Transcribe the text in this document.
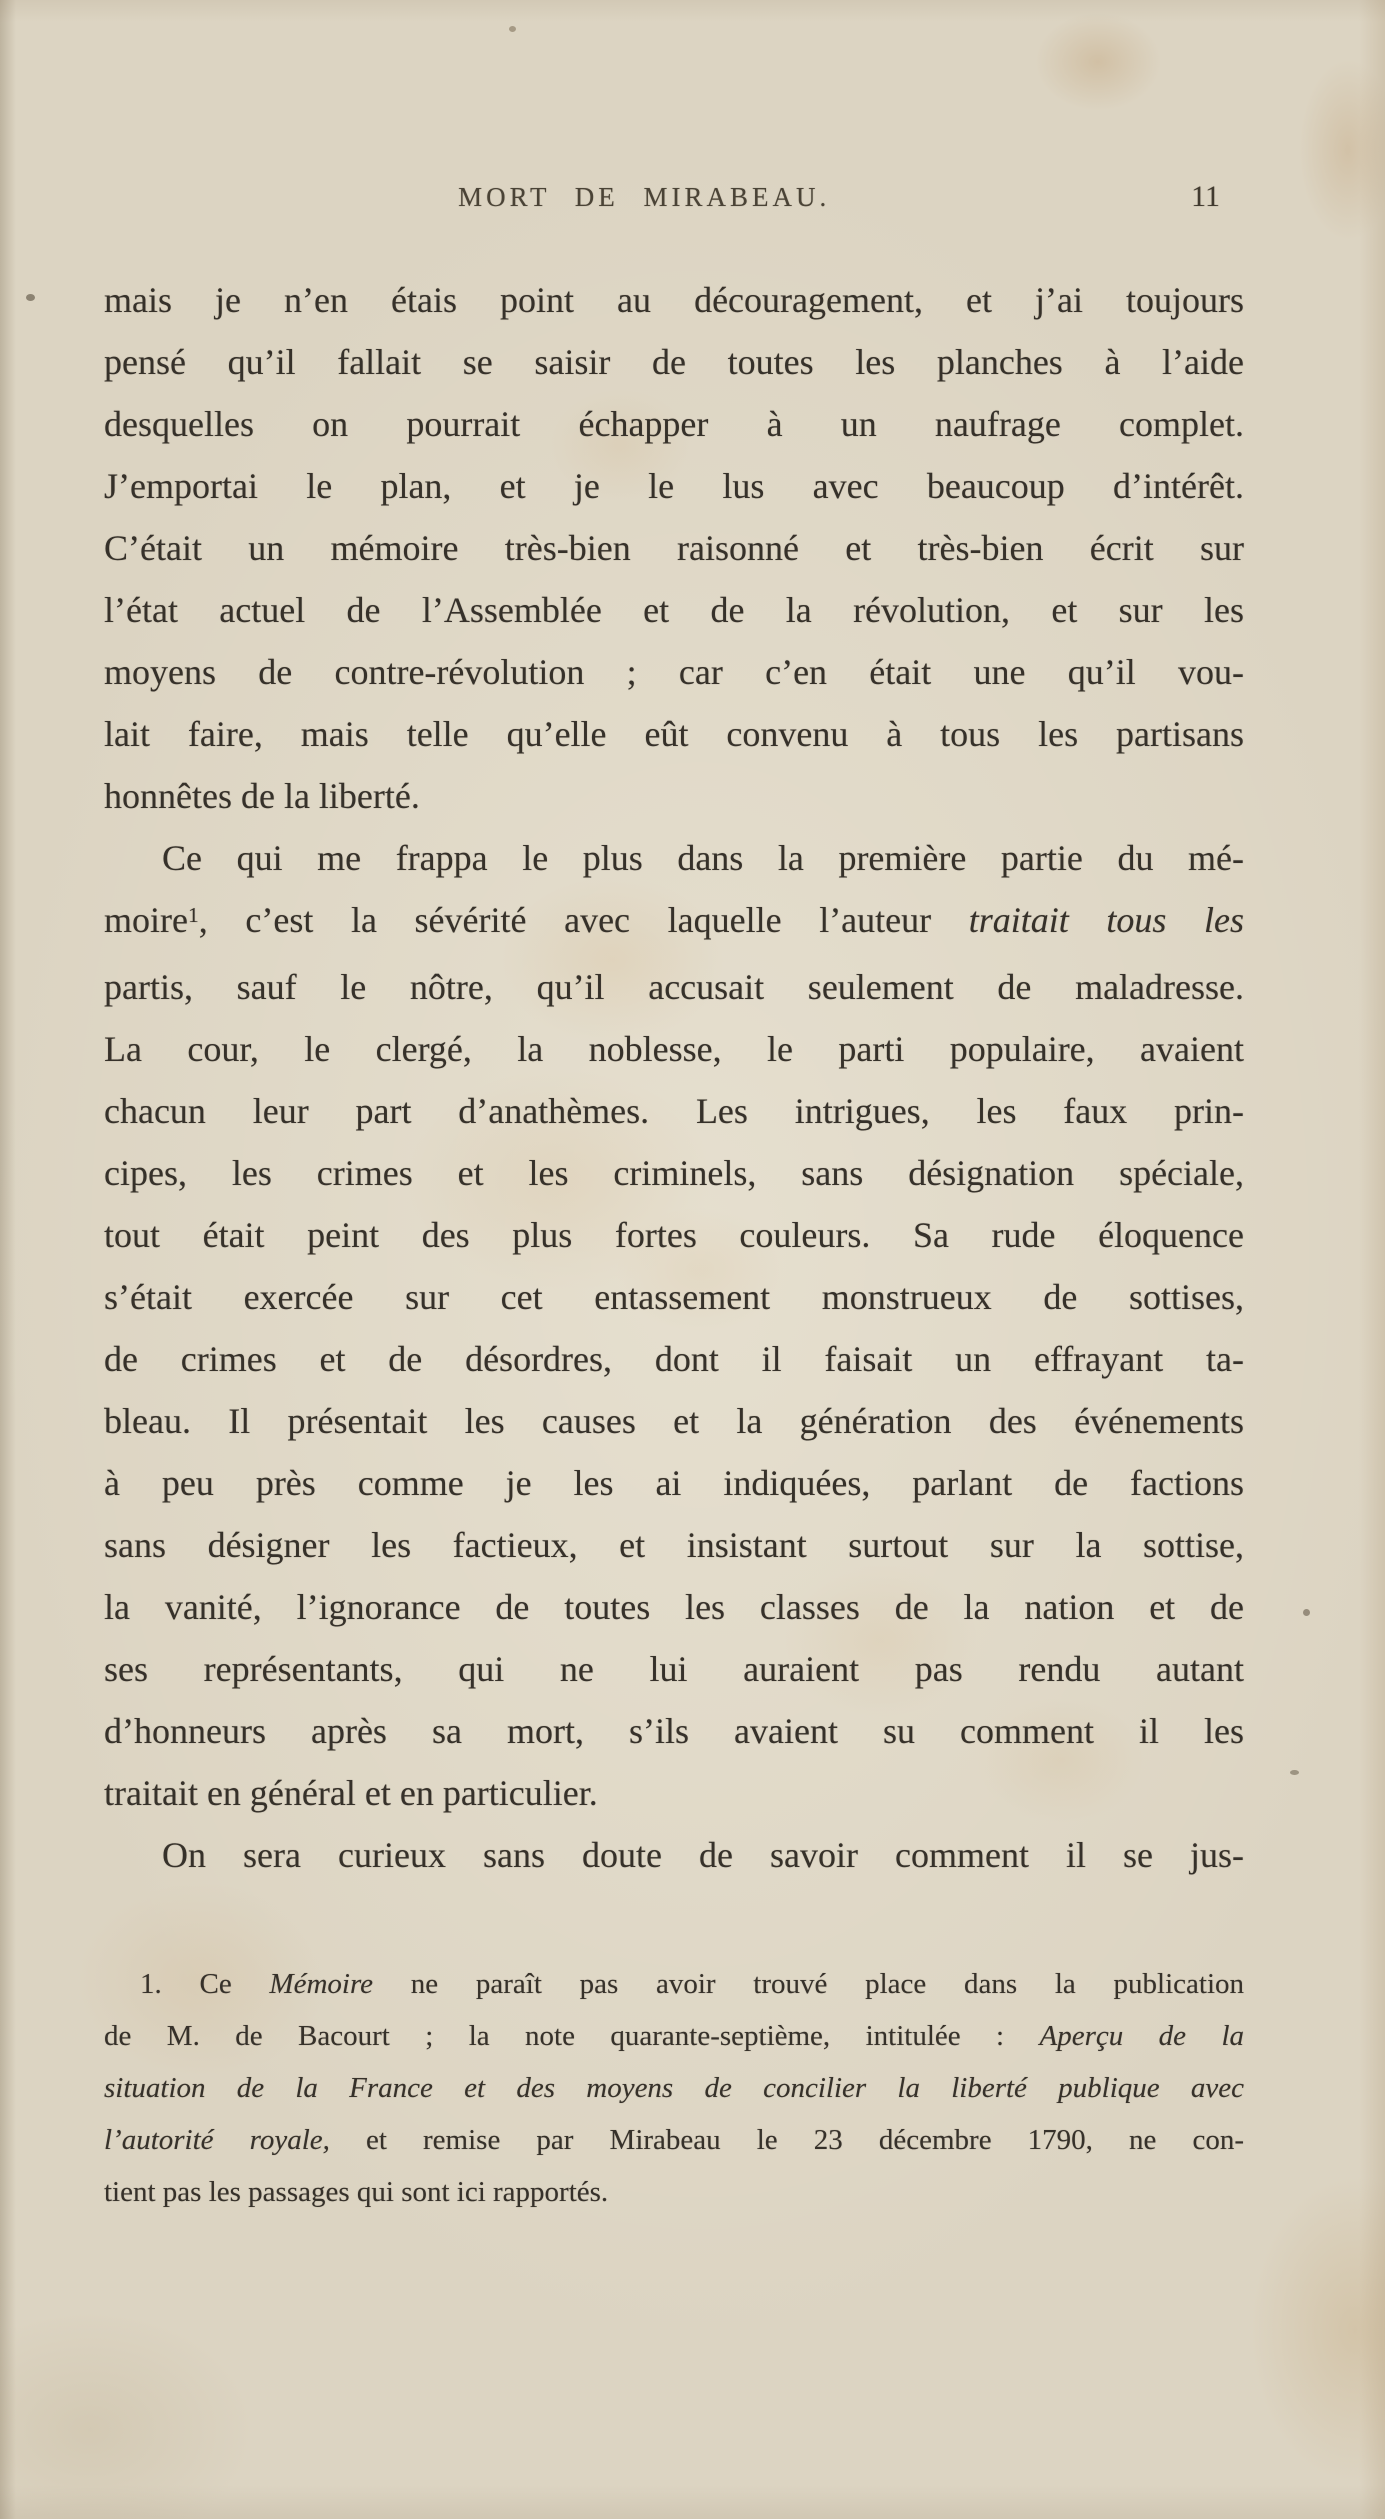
MORT DE MIRABEAU.	11
mais je n’en étais point au découragement, et j’ai toujours
pensé qu’il fallait se saisir de toutes les planches à l’aide
desquelles on pourrait échapper à un naufrage complet.
J’emportai le plan, et je le lus avec beaucoup d’intérêt.
C’était un mémoire très-bien raisonné et très-bien écrit sur
l’état actuel de l’Assemblée et de la révolution, et sur les
moyens de contre-révolution ; car c’en était une qu’il vou-
lait faire, mais telle qu’elle eût convenu à tous les partisans
honnêtes de la liberté.
Ce qui me frappa le plus dans la première partie du mé-
moire$^1$, c’est la sévérité avec laquelle l’auteur traitait tous les
partis, sauf le nôtre, qu’il accusait seulement de maladresse.
La cour, le clergé, la noblesse, le parti populaire, avaient
chacun leur part d’anathèmes. Les intrigues, les faux prin-
cipes, les crimes et les criminels, sans désignation spéciale,
tout était peint des plus fortes couleurs. Sa rude éloquence
s’était exercée sur cet entassement monstrueux de sottises,
de crimes et de désordres, dont il faisait un effrayant ta-
bleau. Il présentait les causes et la génération des événements
à peu près comme je les ai indiquées, parlant de factions
sans désigner les factieux, et insistant surtout sur la sottise,
la vanité, l’ignorance de toutes les classes de la nation et de
ses représentants, qui ne lui auraient pas rendu autant
d’honneurs après sa mort, s’ils avaient su comment il les
traitait en général et en particulier.
On sera curieux sans doute de savoir comment il se jus-
1. Ce Mémoire ne paraît pas avoir trouvé place dans la publication
de M. de Bacourt ; la note quarante-septième, intitulée : Aperçu de la
situation de la France et des moyens de concilier la liberté publique avec
l’autorité royale, et remise par Mirabeau le 23 décembre 1790, ne con-
tient pas les passages qui sont ici rapportés.
